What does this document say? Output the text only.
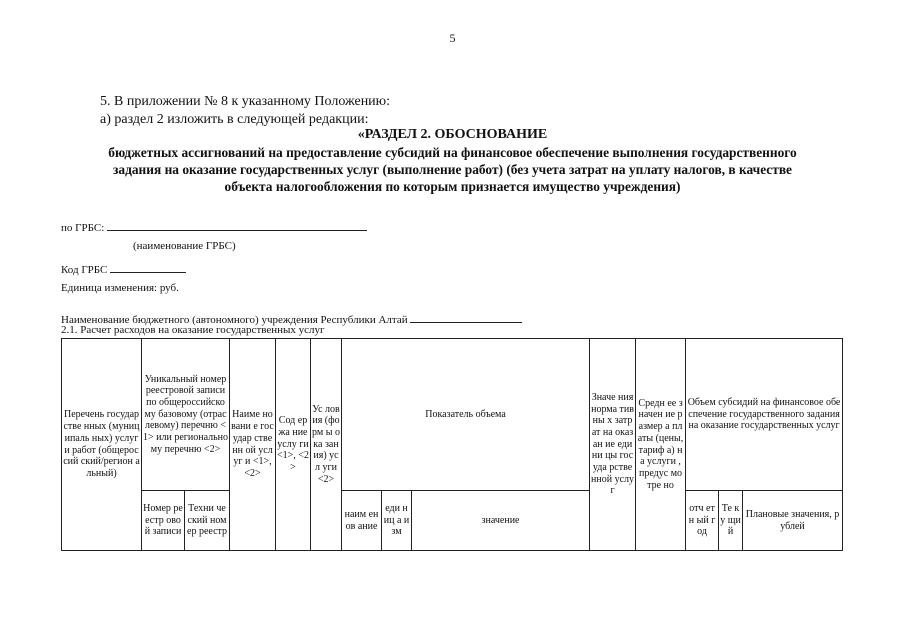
5
5. В приложении № 8 к указанному Положению:
а) раздел 2 изложить в следующей редакции:
«РАЗДЕЛ 2. ОБОСНОВАНИЕ
бюджетных ассигнований на предоставление субсидий на финансовое обеспечение выполнения государственного
задания на оказание государственных услуг (выполнение работ) (без учета затрат на уплату налогов, в качестве
объекта налогообложения по которым признается имущество учреждения)
по ГРБС:
(наименование ГРБС)
Код ГРБС
Единица изменения: руб.
Наименование бюджетного (автономного) учреждения Республики Алтай
2.1. Расчет расходов на оказание государственных услуг
Перечень государстве нных (муниципаль ных) услуг и работ (общероссий ский/регион альный)	Уникальный номер реестровой записи по общероссийско му базовому (отраслевому) перечню <1> или региональному перечню <2>		Наиме новани е государ ственн ой услуг и <1>, <2>	Сод ержа ние услу ги <1>, <2>	Ус лов ия (фо рм ы ока зан ия) усл уги <2>	Показатель объема			Значе ния норма тивны х затрат на оказан ие едини цы госуда рственной услуг	Средн ее значен ие размер а платы (цены, тариф а) на услуги , предус мотре но	Объем субсидий на финансовое обеспечение государственного задания на оказание государственных услуг		

	Номер реестр овой записи	Техни ческий номер реестр				наим енов ание	еди ниц а изм	значение			отч етн ый год	Те ку щи й	Плановые значения, рублей
